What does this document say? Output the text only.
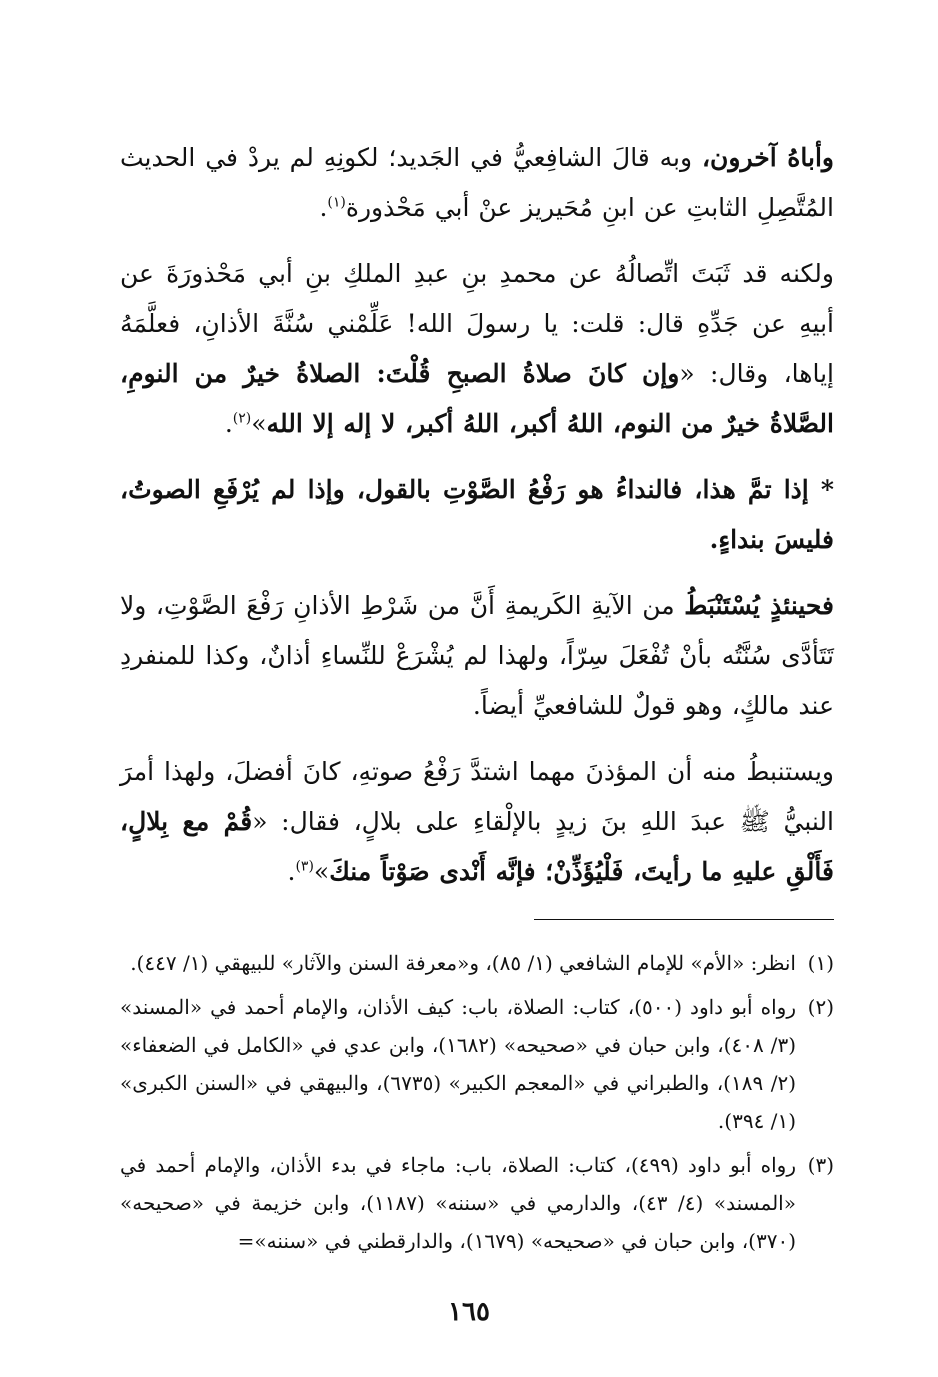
وأباهُ آخرون، وبه قالَ الشافِعيُّ في الجَديد؛ لكونِهِ لم يردْ في الحديث المُتَّصِلِ الثابتِ عن ابنِ مُحَيريز عنْ أبي مَحْذورة$^{(١)}$.

ولكنه قد ثَبَتَ اتِّصالُهُ عن محمدِ بنِ عبدِ الملكِ بنِ أبي مَحْذورَةَ عن أبيهِ عن جَدِّهِ قال: قلت: يا رسولَ الله! عَلِّمْني سُنَّةَ الأذانِ، فعلَّمَهُ إياها، وقال: «وإن كانَ صلاةُ الصبحِ قُلْتَ: الصلاةُ خيرٌ من النومِ، الصَّلاةُ خيرٌ من النوم، اللهُ أكبر، اللهُ أكبر، لا إله إلا الله»$^{(٢)}$.

* إذا تمَّ هذا، فالنداءُ هو رَفْعُ الصَّوْتِ بالقول، وإذا لم يُرْفَعِ الصوتُ، فليسَ بنداءٍ.

فحينئذٍ يُسْتَنْبَطُ من الآيةِ الكَريمةِ أَنَّ من شَرْطِ الأذانِ رَفْعَ الصَّوْتِ، ولا تَتَأدَّى سُنَّتُه بأنْ تُفْعَلَ سِرّاً، ولهذا لم يُشْرَعْ للنِّساءِ أذانٌ، وكذا للمنفردِ عند مالكٍ، وهو قولٌ للشافعيِّ أيضاً.

ويستنبطُ منه أن المؤذنَ مهما اشتدَّ رَفْعُ صوتهِ، كانَ أفضلَ، ولهذا أمرَ النبيُّ ﷺ عبدَ اللهِ بنَ زيدٍ بالإلْقاءِ على بلالٍ، فقال: «قُمْ مع بِلالٍ، فَأَلْقِ عليهِ ما رأيتَ، فَلْيُؤَذِّنْ؛ فإنَّه أَنْدى صَوْتاً منكَ»$^{(٣)}$.

(١)
انظر: «الأم» للإمام الشافعي (١/ ٨٥)، و«معرفة السنن والآثار» للبيهقي (١/ ٤٤٧).
(٢)
رواه أبو داود (٥٠٠)، كتاب: الصلاة، باب: كيف الأذان، والإمام أحمد في «المسند» (٣/ ٤٠٨)، وابن حبان في «صحيحه» (١٦٨٢)، وابن عدي في «الكامل في الضعفاء» (٢/ ١٨٩)، والطبراني في «المعجم الكبير» (٦٧٣٥)، والبيهقي في «السنن الكبرى» (١/ ٣٩٤).
(٣)
رواه أبو داود (٤٩٩)، كتاب: الصلاة، باب: ماجاء في بدء الأذان، والإمام أحمد في «المسند» (٤/ ٤٣)، والدارمي في «سننه» (١١٨٧)، وابن خزيمة في «صحيحه» (٣٧٠)، وابن حبان في «صحيحه» (١٦٧٩)، والدارقطني في «سننه»=
١٦٥
